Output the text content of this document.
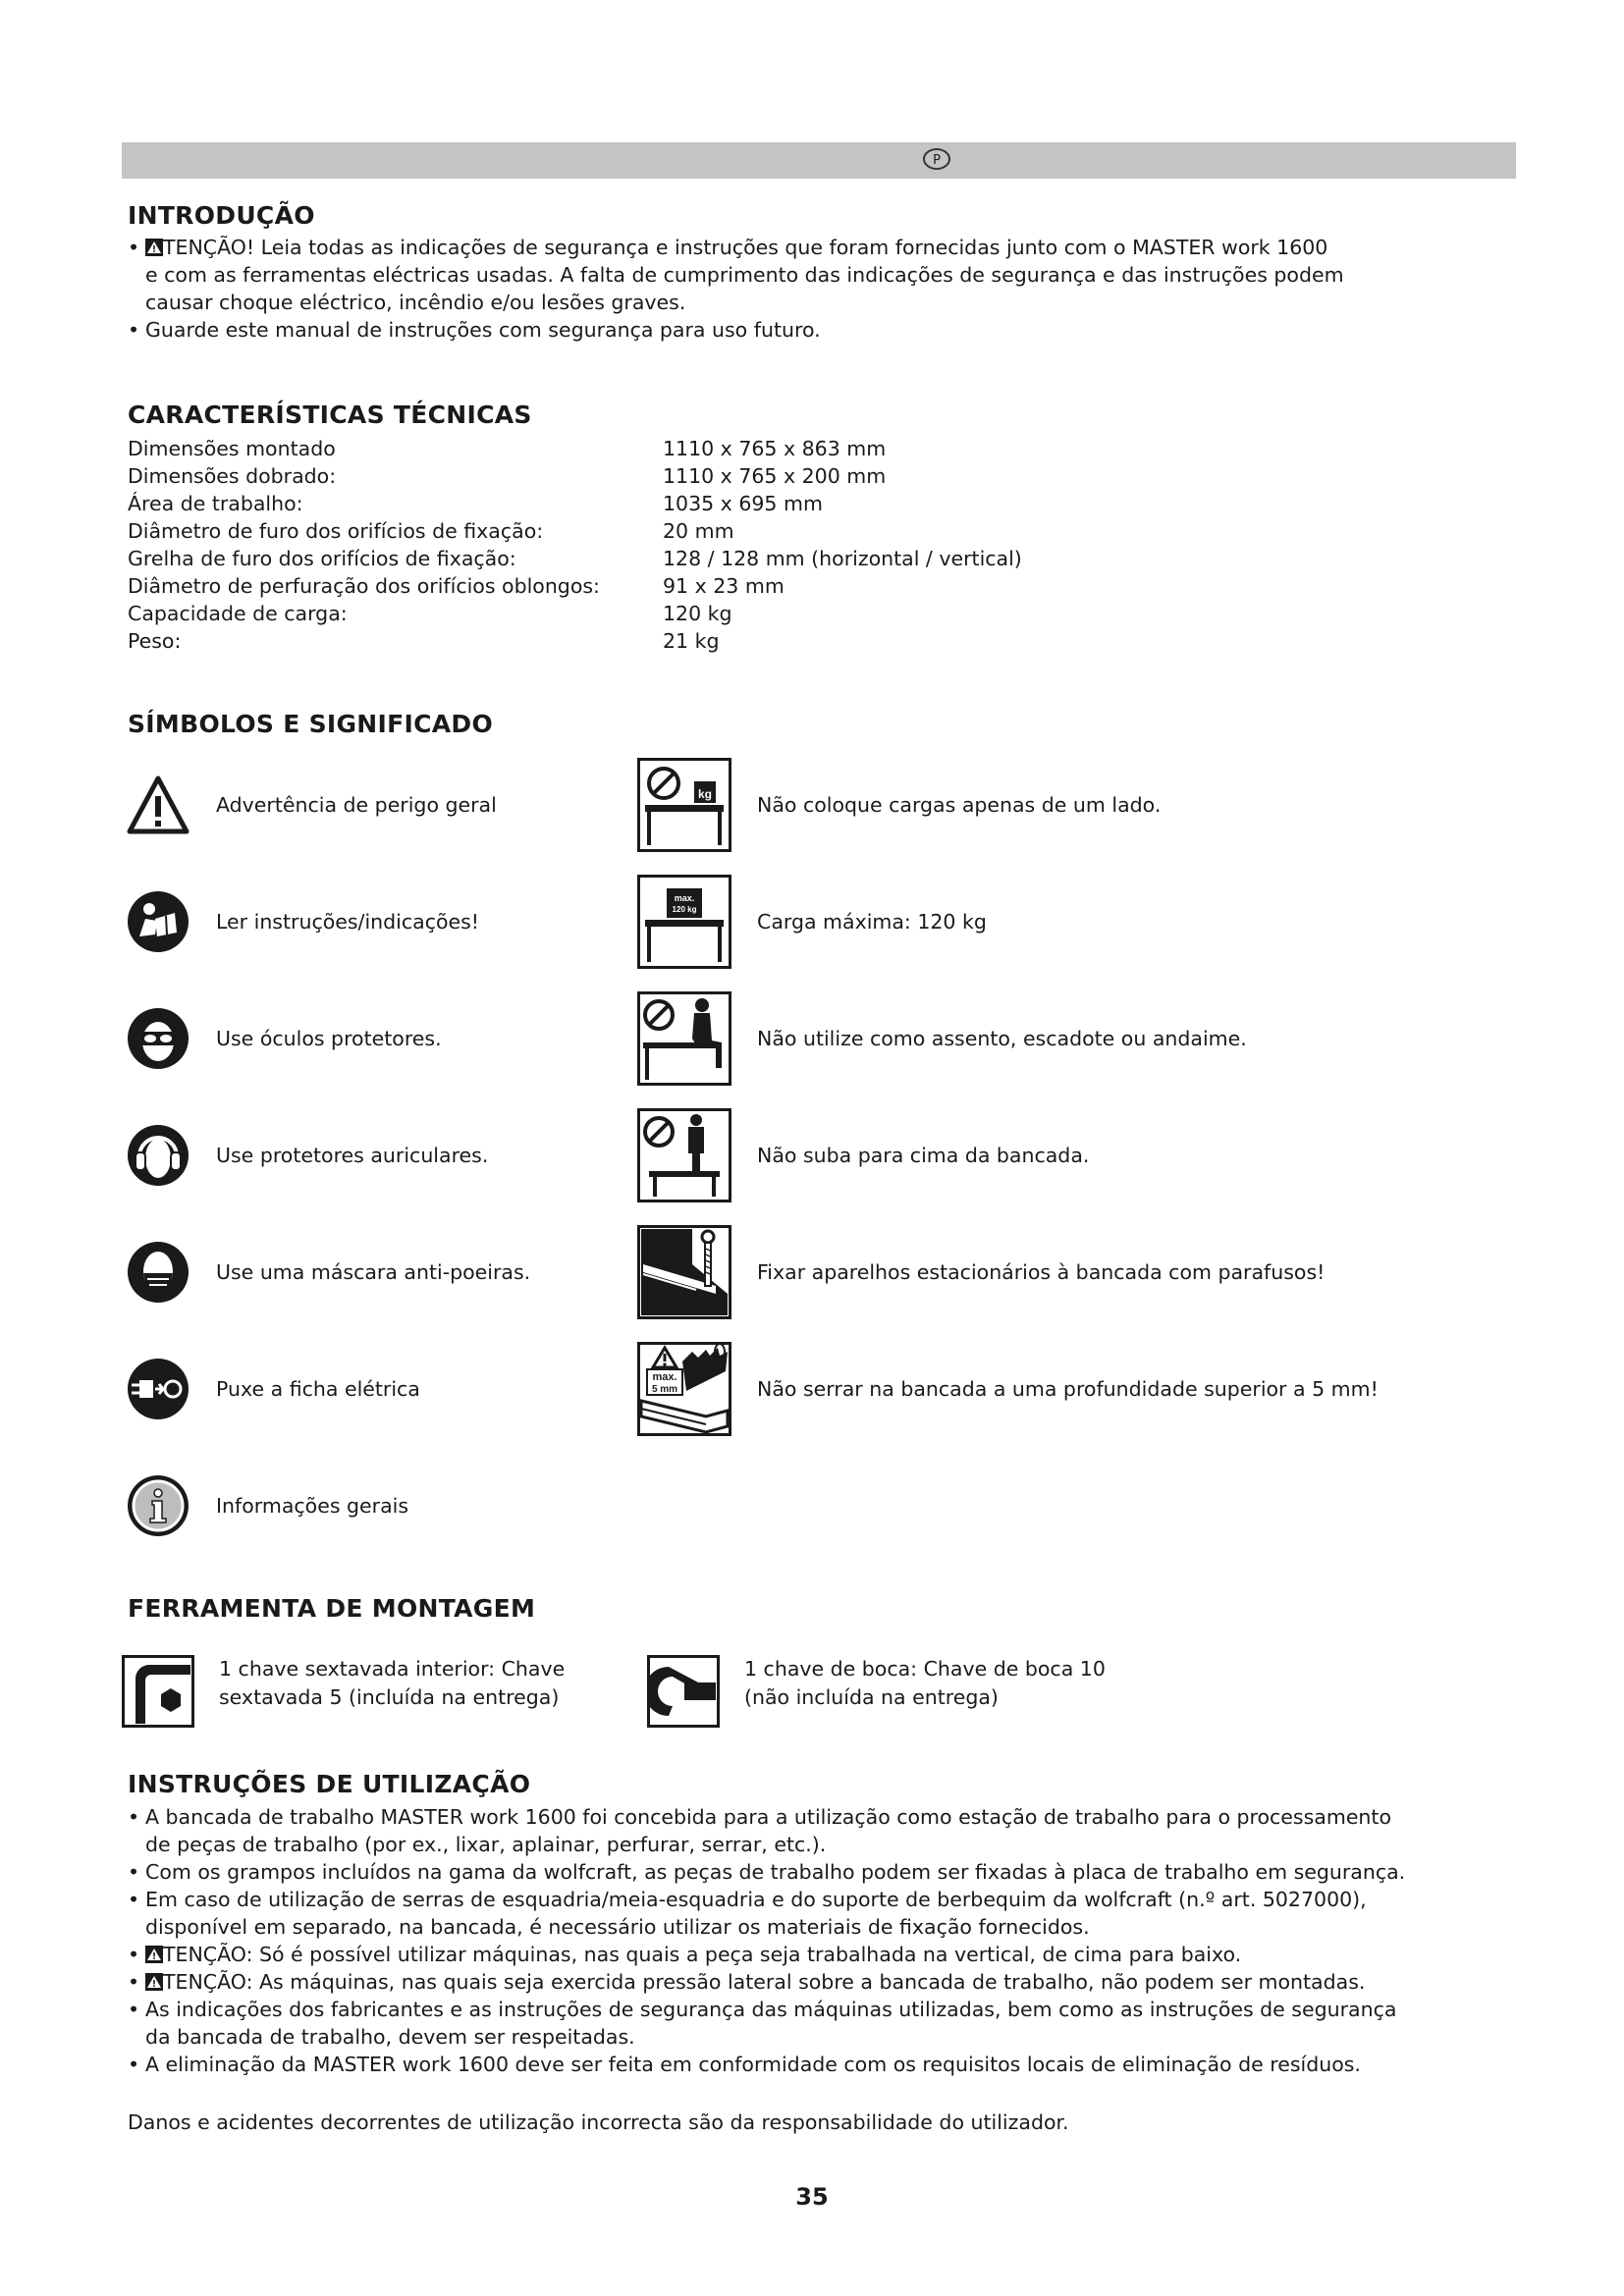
P
INTRODUÇÃO
• TENÇÃO! Leia todas as indicações de segurança e instruções que foram fornecidas junto com o MASTER work 1600
e com as ferramentas eléctricas usadas. A falta de cumprimento das indicações de segurança e das instruções podem
causar choque eléctrico, incêndio e/ou lesões graves.
• Guarde este manual de instruções com segurança para uso futuro.
CARACTERÍSTICAS TÉCNICAS
Dimensões montado	1110 x 765 x 863 mm
Dimensões dobrado:	1110 x 765 x 200 mm
Área de trabalho:	1035 x 695 mm
Diâmetro de furo dos orifícios de fixação:	20 mm
Grelha de furo dos orifícios de fixação:	128 / 128 mm (horizontal / vertical)
Diâmetro de perfuração dos orifícios oblongos:	91 x 23 mm
Capacidade de carga:	120 kg
Peso:	21 kg
SÍMBOLOS E SIGNIFICADO
Advertência de perigo geral
Ler instruções/indicações!
Use óculos protetores.
Use protetores auriculares.
Use uma máscara anti-poeiras.
Puxe a ficha elétrica
Informações gerais
kg Não coloque cargas apenas de um lado.
max.
120 kg
Carga máxima: 120 kg
Não utilize como assento, escadote ou andaime.
Não suba para cima da bancada.
Fixar aparelhos estacionários à bancada com parafusos!
max.
5 mm	Não serrar na bancada a uma profundidade superior a 5 mm!
FERRAMENTA DE MONTAGEM
1 chave sextavada interior: Chave
sextavada 5 (incluída na entrega)
1 chave de boca: Chave de boca 10
(não incluída na entrega)
INSTRUÇÕES DE UTILIZAÇÃO
• A bancada de trabalho MASTER work 1600 foi concebida para a utilização como estação de trabalho para o processamento
de peças de trabalho (por ex., lixar, aplainar, perfurar, serrar, etc.).
• Com os grampos incluídos na gama da wolfcraft, as peças de trabalho podem ser fixadas à placa de trabalho em segurança.
• Em caso de utilização de serras de esquadria/meia-esquadria e do suporte de berbequim da wolfcraft (n.º art. 5027000),
disponível em separado, na bancada, é necessário utilizar os materiais de fixação fornecidos.
• TENÇÃO: Só é possível utilizar máquinas, nas quais a peça seja trabalhada na vertical, de cima para baixo.
• TENÇÃO: As máquinas, nas quais seja exercida pressão lateral sobre a bancada de trabalho, não podem ser montadas.
• As indicações dos fabricantes e as instruções de segurança das máquinas utilizadas, bem como as instruções de segurança
da bancada de trabalho, devem ser respeitadas.
• A eliminação da MASTER work 1600 deve ser feita em conformidade com os requisitos locais de eliminação de resíduos.
Danos e acidentes decorrentes de utilização incorrecta são da responsabilidade do utilizador.
35
